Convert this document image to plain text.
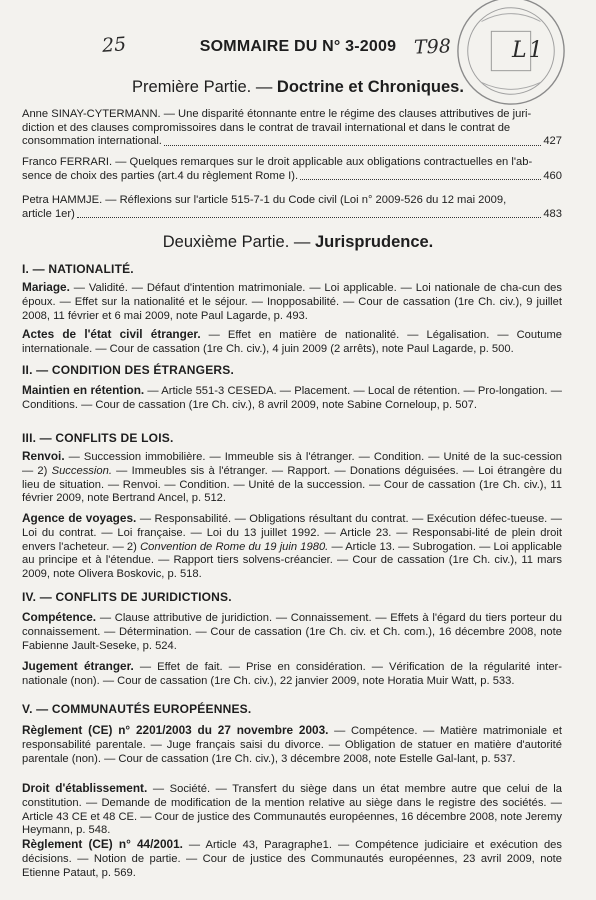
25	T98	L1
SOMMAIRE DU N° 3-2009
Première Partie. — Doctrine et Chroniques.
Anne SINAY-CYTERMANN. — Une disparité étonnante entre le régime des clauses attributives de juri-
diction et des clauses compromissoires dans le contrat de travail international et dans le contrat de
consommation international.	427
Franco FERRARI. — Quelques remarques sur le droit applicable aux obligations contractuelles en l'ab-
sence de choix des parties (art.4 du règlement Rome I).	460
Petra HAMMJE. — Réflexions sur l'article 515-7-1 du Code civil (Loi n° 2009-526 du 12 mai 2009,
article 1er)	483
Deuxième Partie. — Jurisprudence.
I. — NATIONALITÉ.
Mariage. — Validité. — Défaut d'intention matrimoniale. — Loi applicable. — Loi nationale de cha-cun des époux. — Effet sur la nationalité et le séjour. — Inopposabilité. — Cour de cassation (1re Ch. civ.), 9 juillet 2008, 11 février et 6 mai 2009, note Paul Lagarde, p. 493.
Actes de l'état civil étranger. — Effet en matière de nationalité. — Légalisation. — Coutume internationale. — Cour de cassation (1re Ch. civ.), 4 juin 2009 (2 arrêts), note Paul Lagarde, p. 500.
II. — CONDITION DES ÉTRANGERS.
Maintien en rétention. — Article 551-3 CESEDA. — Placement. — Local de rétention. — Pro-longation. — Conditions. — Cour de cassation (1re Ch. civ.), 8 avril 2009, note Sabine Corneloup, p. 507.
III. — CONFLITS DE LOIS.
Renvoi. — Succession immobilière. — Immeuble sis à l'étranger. — Condition. — Unité de la suc-cession — 2) Succession. — Immeubles sis à l'étranger. — Rapport. — Donations déguisées. — Loi étrangère du lieu de situation. — Renvoi. — Condition. — Unité de la succession. — Cour de cassation (1re Ch. civ.), 11 février 2009, note Bertrand Ancel, p. 512.
Agence de voyages. — Responsabilité. — Obligations résultant du contrat. — Exécution défec-tueuse. — Loi du contrat. — Loi française. — Loi du 13 juillet 1992. — Article 23. — Responsabi-lité de plein droit envers l'acheteur. — 2) Convention de Rome du 19 juin 1980. — Article 13. — Subrogation. — Loi applicable au principe et à l'étendue. — Rapport tiers solvens-créancier. — Cour de cassation (1re Ch. civ.), 11 mars 2009, note Olivera Boskovic, p. 518.
IV. — CONFLITS DE JURIDICTIONS.
Compétence. — Clause attributive de juridiction. — Connaissement. — Effets à l'égard du tiers porteur du connaissement. — Détermination. — Cour de cassation (1re Ch. civ. et Ch. com.), 16 décembre 2008, note Fabienne Jault-Seseke, p. 524.
Jugement étranger. — Effet de fait. — Prise en considération. — Vérification de la régularité inter-nationale (non). — Cour de cassation (1re Ch. civ.), 22 janvier 2009, note Horatia Muir Watt, p. 533.
V. — COMMUNAUTÉS EUROPÉENNES.
Règlement (CE) n° 2201/2003 du 27 novembre 2003. — Compétence. — Matière matrimoniale et responsabilité parentale. — Juge français saisi du divorce. — Obligation de statuer en matière d'autorité parentale (non). — Cour de cassation (1re Ch. civ.), 3 décembre 2008, note Estelle Gal-lant, p. 537.
Droit d'établissement. — Société. — Transfert du siège dans un état membre autre que celui de la constitution. — Demande de modification de la mention relative au siège dans le registre des sociétés. — Article 43 CE et 48 CE. — Cour de justice des Communautés européennes, 16 décembre 2008, note Jeremy Heymann, p. 548.
Règlement (CE) n° 44/2001. — Article 43, Paragraphe1. — Compétence judiciaire et exécution des décisions. — Notion de partie. — Cour de justice des Communautés européennes, 23 avril 2009, note Etienne Pataut, p. 569.
